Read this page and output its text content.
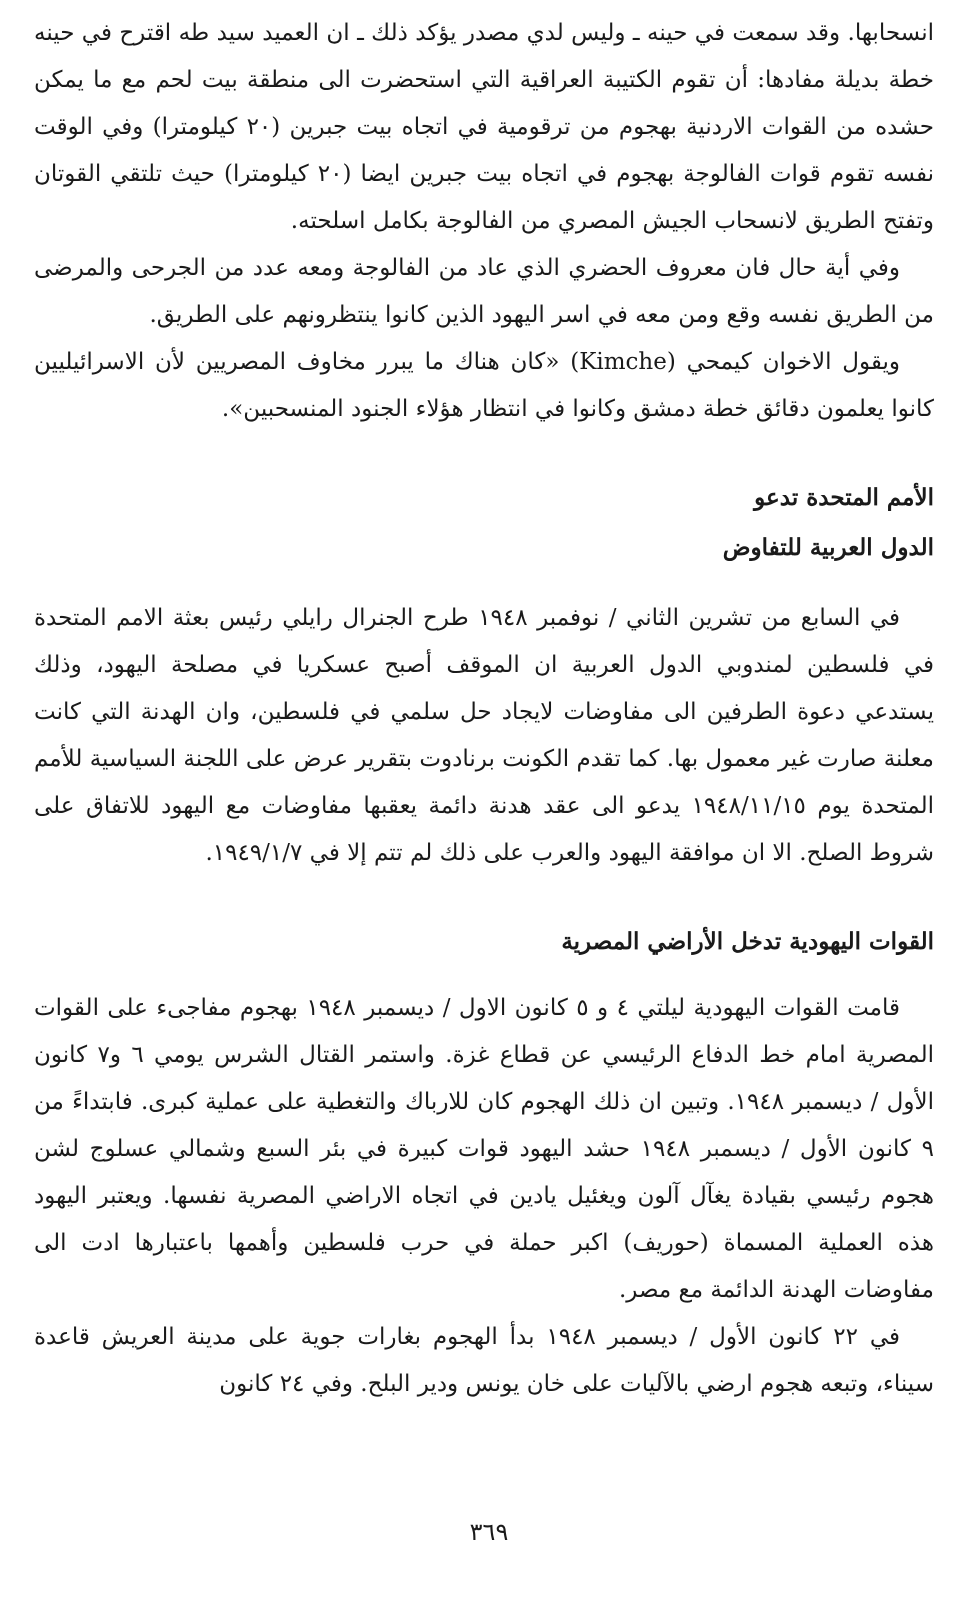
انسحابها. وقد سمعت في حينه ـ وليس لدي مصدر يؤكد ذلك ـ ان العميد سيد طه اقترح في حينه خطة بديلة مفادها: أن تقوم الكتيبة العراقية التي استحضرت الى منطقة بيت لحم مع ما يمكن حشده من القوات الاردنية بهجوم من ترقومية في اتجاه بيت جبرين (٢٠ كيلومترا) وفي الوقت نفسه تقوم قوات الفالوجة بهجوم في اتجاه بيت جبرين ايضا (٢٠ كيلومترا) حيث تلتقي القوتان وتفتح الطريق لانسحاب الجيش المصري من الفالوجة بكامل اسلحته.

وفي أية حال فان معروف الحضري الذي عاد من الفالوجة ومعه عدد من الجرحى والمرضى من الطريق نفسه وقع ومن معه في اسر اليهود الذين كانوا ينتظرونهم على الطريق.

ويقول الاخوان كيمحي (Kimche) «كان هناك ما يبرر مخاوف المصريين لأن الاسرائيليين كانوا يعلمون دقائق خطة دمشق وكانوا في انتظار هؤلاء الجنود المنسحبين».

الأمم المتحدة تدعو
الدول العربية للتفاوض

في السابع من تشرين الثاني / نوفمبر ١٩٤٨ طرح الجنرال رايلي رئيس بعثة الامم المتحدة في فلسطين لمندوبي الدول العربية ان الموقف أصبح عسكريا في مصلحة اليهود، وذلك يستدعي دعوة الطرفين الى مفاوضات لايجاد حل سلمي في فلسطين، وان الهدنة التي كانت معلنة صارت غير معمول بها. كما تقدم الكونت برنادوت بتقرير عرض على اللجنة السياسية للأمم المتحدة يوم ١٩٤٨/١١/١٥ يدعو الى عقد هدنة دائمة يعقبها مفاوضات مع اليهود للاتفاق على شروط الصلح. الا ان موافقة اليهود والعرب على ذلك لم تتم إلا في ١٩٤٩/١/٧.

القوات اليهودية تدخل الأراضي المصرية

قامت القوات اليهودية ليلتي ٤ و ٥ كانون الاول / ديسمبر ١٩٤٨ بهجوم مفاجىء على القوات المصرية امام خط الدفاع الرئيسي عن قطاع غزة. واستمر القتال الشرس يومي ٦ و٧ كانون الأول / ديسمبر ١٩٤٨. وتبين ان ذلك الهجوم كان للارباك والتغطية على عملية كبرى. فابتداءً من ٩ كانون الأول / ديسمبر ١٩٤٨ حشد اليهود قوات كبيرة في بئر السبع وشمالي عسلوج لشن هجوم رئيسي بقيادة يغآل آلون ويغئيل يادين في اتجاه الاراضي المصرية نفسها. ويعتبر اليهود هذه العملية المسماة (حوريف) اكبر حملة في حرب فلسطين وأهمها باعتبارها ادت الى مفاوضات الهدنة الدائمة مع مصر.

في ٢٢ كانون الأول / ديسمبر ١٩٤٨ بدأ الهجوم بغارات جوية على مدينة العريش قاعدة سيناء، وتبعه هجوم ارضي بالآليات على خان يونس ودير البلح. وفي ٢٤ كانون

٣٦٩
